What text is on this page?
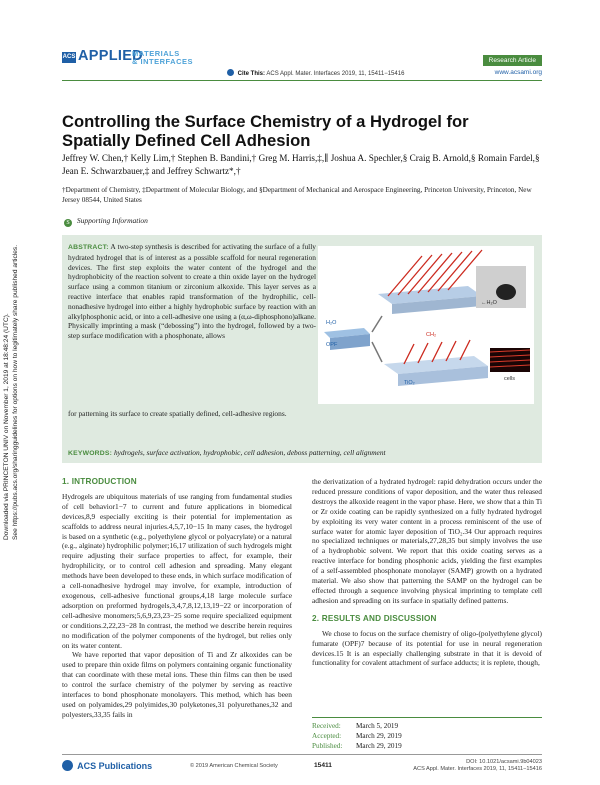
Downloaded via PRINCETON UNIV on November 1, 2019 at 18:48:24 (UTC). See https://pubs.acs.org/sharingguidelines for options on how to legitimately share published articles.
ACS APPLIED
MATERIALS
& INTERFACES
Cite This: ACS Appl. Mater. Interfaces 2019, 11, 15411−15416
Research Article
www.acsami.org
Controlling the Surface Chemistry of a Hydrogel for Spatially Defined Cell Adhesion
Jeffrey W. Chen,† Kelly Lim,† Stephen B. Bandini,† Greg M. Harris,‡,∥ Joshua A. Spechler,§ Craig B. Arnold,§ Romain Fardel,§ Jean E. Schwarzbauer,‡ and Jeffrey Schwartz*,†
†Department of Chemistry, ‡Department of Molecular Biology, and §Department of Mechanical and Aerospace Engineering, Princeton University, Princeton, New Jersey 08544, United States
S Supporting Information
ABSTRACT: A two-step synthesis is described for activating the surface of a fully hydrated hydrogel that is of interest as a possible scaffold for neural regeneration devices. The first step exploits the water content of the hydrogel and the hydrophobicity of the reaction solvent to create a thin oxide layer on the hydrogel surface using a common titanium or zirconium alkoxide. This layer serves as a reactive interface that enables rapid transformation of the hydrophilic, cell-nonadhesive hydrogel into either a highly hydrophobic surface by reaction with an alkylphosphonic acid, or into a cell-adhesive one using a (α,ω-diphosphono)alkane. Physically imprinting a mask (“debossing”) into the hydrogel, followed by a two-step surface modification with a phosphonate, allows
for patterning its surface to create spatially defined, cell-adhesive regions.
KEYWORDS: hydrogels, surface activation, hydrophobic, cell adhesion, deboss patterning, cell alignment
←H₂O
H₂O
OPF
CH₂
TiO₂
cells
1. INTRODUCTION

Hydrogels are ubiquitous materials of use ranging from fundamental studies of cell behavior1−7 to current and future applications in biomedical devices,8,9 especially exciting is their potential for implementation as scaffolds to address neural injuries.4,5,7,10−15 In many cases, the hydrogel is based on a synthetic (e.g., polyethylene glycol or polyacrylate) or a natural (e.g., alginate) hydrophilic polymer;16,17 utilization of such hydrogels might require adjusting their surface properties to affect, for example, their hydrophilicity, or to control cell adhesion and spreading. Many elegant methods have been developed to these ends, in which surface modification of a cell-nonadhesive hydrogel may involve, for example, introduction of exogenous, cell-adhesive functional groups,4,18 large molecule surface adsorption on preformed hydrogels,3,4,7,8,12,13,19−22 or incorporation of cell-adhesive monomers;5,6,9,23,23−25 some require specialized equipment or conditions.2,22,23−28 In contrast, the method we describe herein requires no modification of the polymer components of the hydrogel, but relies only on its water content.

We have reported that vapor deposition of Ti and Zr alkoxides can be used to prepare thin oxide films on polymers containing organic functionality that can coordinate with these metal ions. These thin films can then be used to control the surface chemistry of the polymer by serving as reactive interfaces to bond phosphonate monolayers. This method, which has been used on polyamides,29 polyimides,30 polyketones,31 polyurethanes,32 and polyesters,33,35 fails in

the derivatization of a hydrated hydrogel: rapid dehydration occurs under the reduced pressure conditions of vapor deposition, and the water thus released destroys the alkoxide reagent in the vapor phase. Here, we show that a thin Ti or Zr oxide coating can be rapidly synthesized on a fully hydrated hydrogel by exploiting its very water content in a process reminiscent of the use of surface water for atomic layer deposition of TiO₂.34 Our approach requires no specialized techniques or materials,27,28,35 but simply involves the use of a hydrophobic solvent. We report that this oxide coating serves as a reactive interface for bonding phosphonic acids, yielding the first examples of a self-assembled phosphonate monolayer (SAMP) growth on a hydrated material. We also show that patterning the SAMP on the hydrogel can be effected through a sequence involving physical imprinting to template cell adhesion and spreading on its surface in spatially defined patterns.

2. RESULTS AND DISCUSSION

We chose to focus on the surface chemistry of oligo-(polyethylene glycol) fumarate (OPF)7 because of its potential for use in neural regeneration devices.15 It is an especially challenging substrate in that it is devoid of functionality for covalent attachment of surface adducts; it is replete, though,

Received: March 5, 2019
Accepted: March 29, 2019
Published: March 29, 2019
ACS Publications	© 2019 American Chemical Society	15411	DOI: 10.1021/acsami.9b04023
ACS Appl. Mater. Interfaces 2019, 11, 15411−15416
